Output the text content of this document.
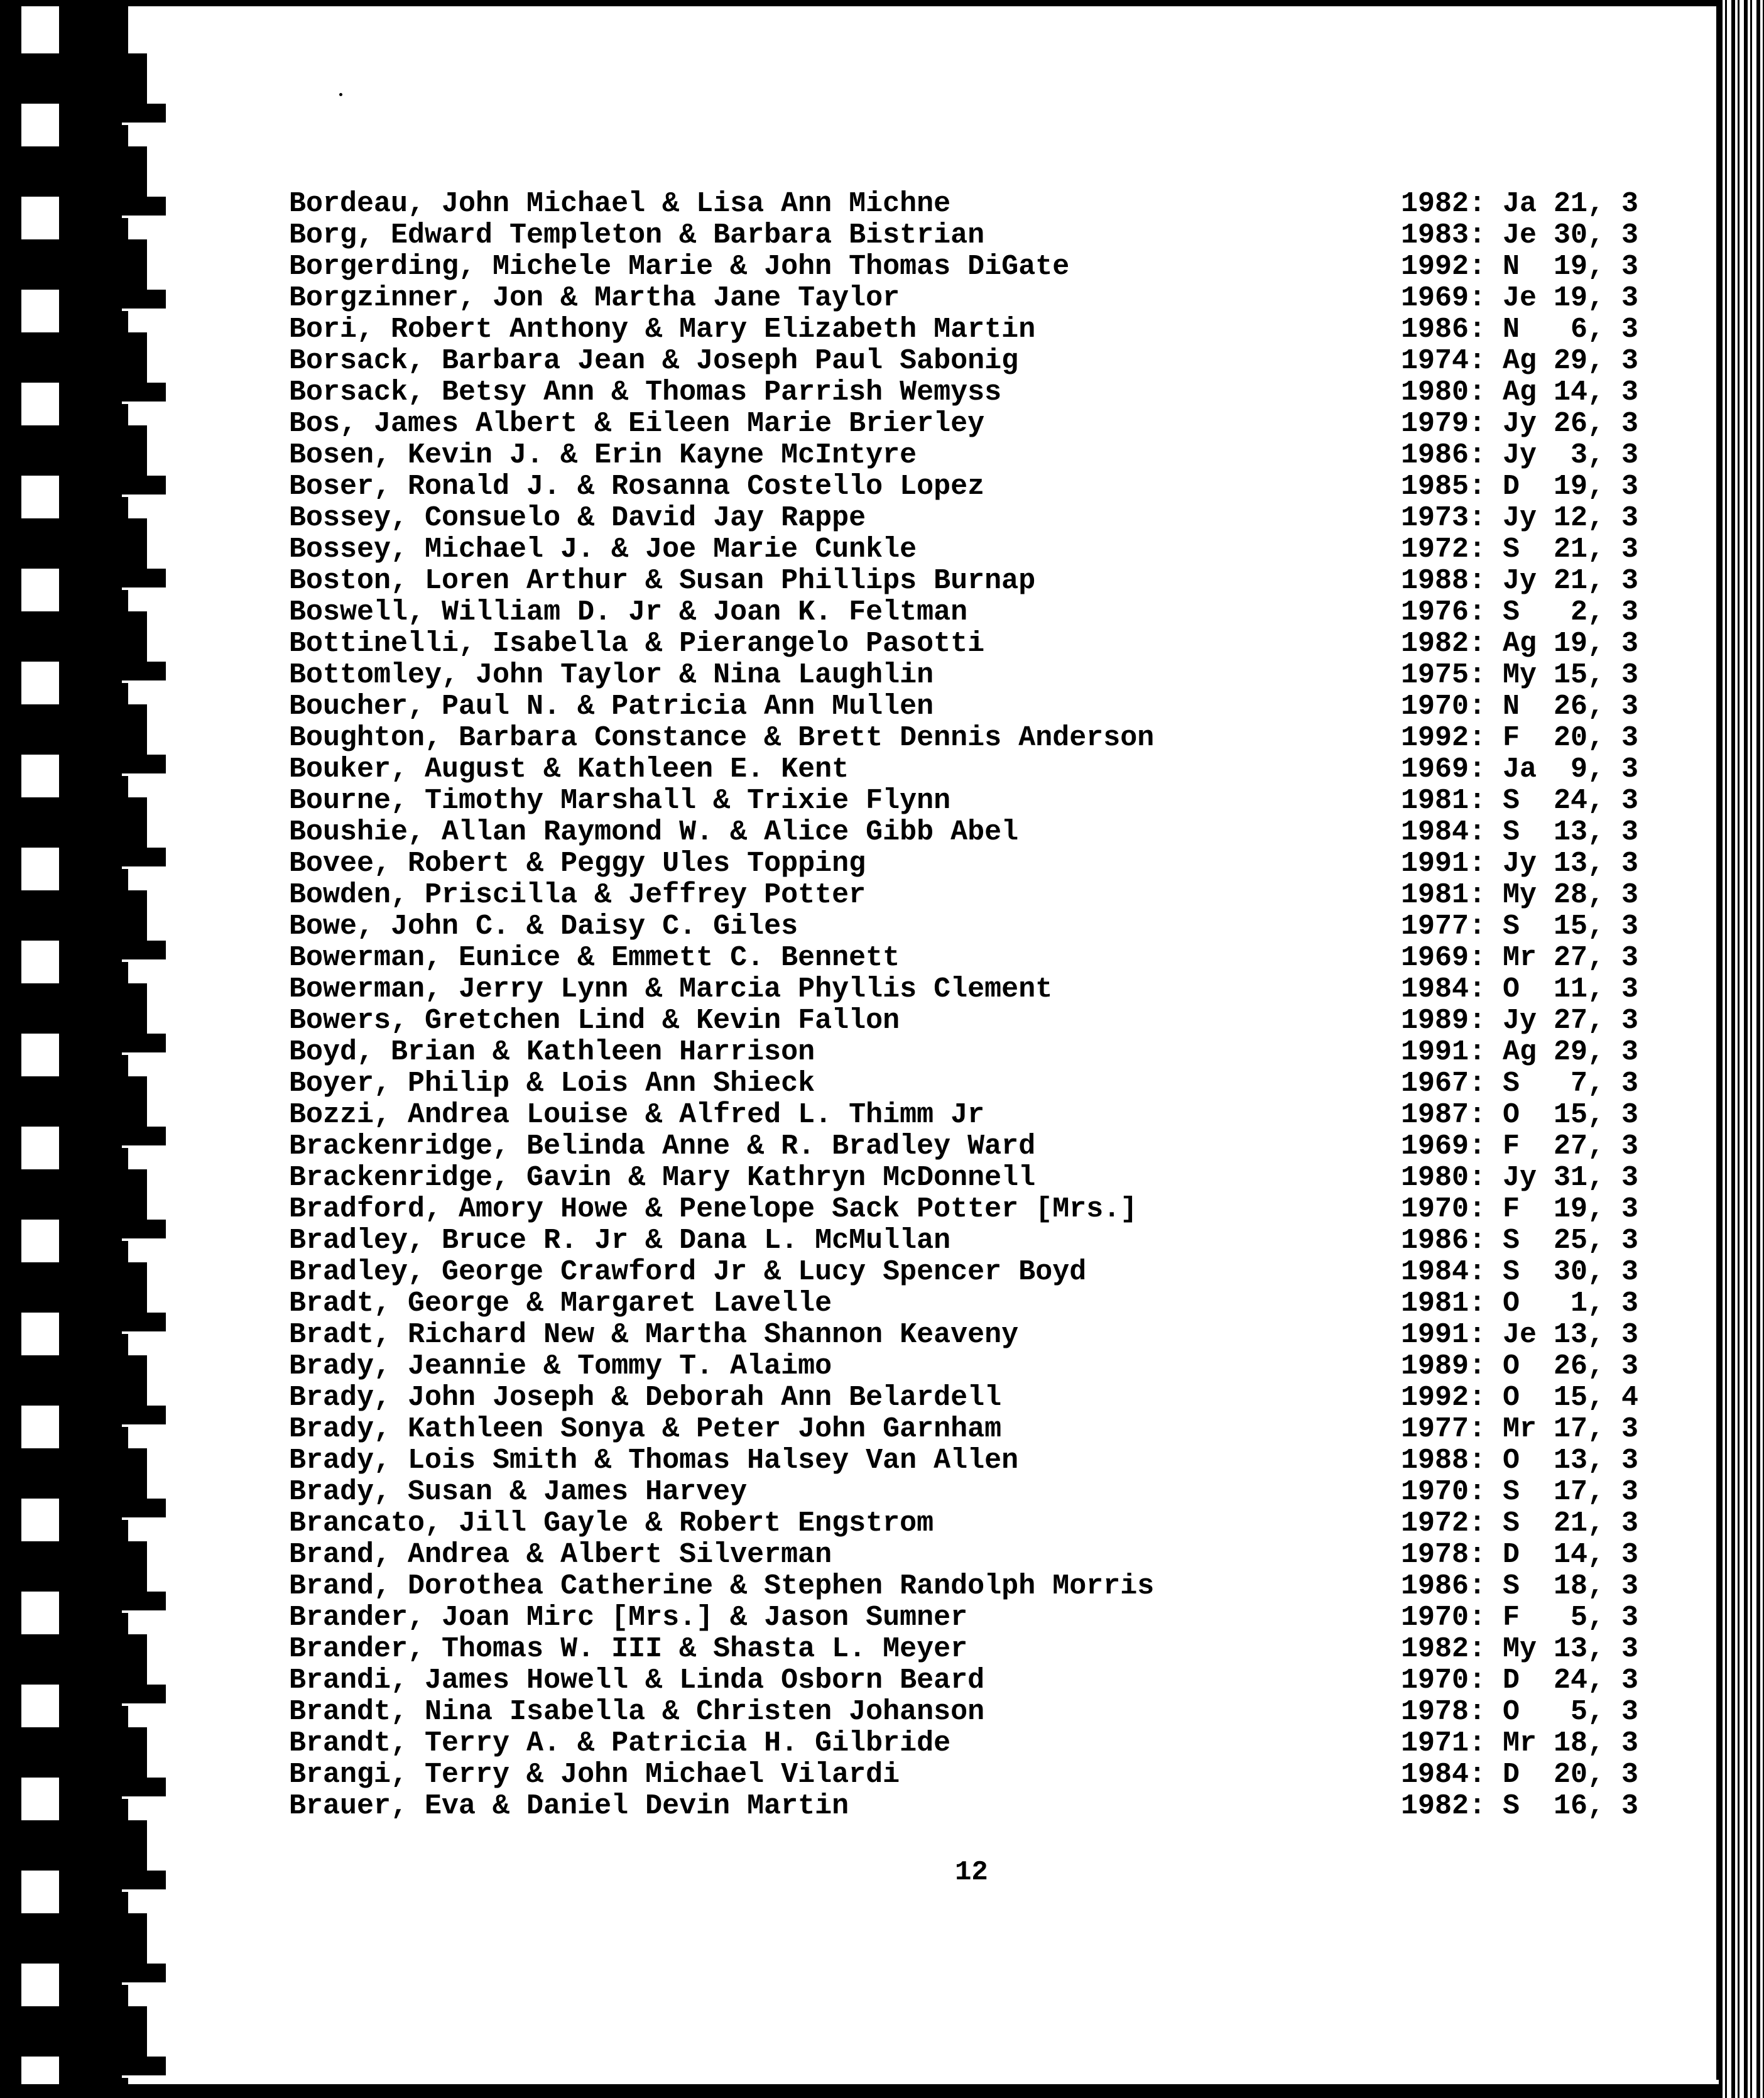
Bordeau, John Michael & Lisa Ann Michne	1982: Ja 21, 3
Borg, Edward Templeton & Barbara Bistrian	1983: Je 30, 3
Borgerding, Michele Marie & John Thomas DiGate	1992: N  19, 3
Borgzinner, Jon & Martha Jane Taylor	1969: Je 19, 3
Bori, Robert Anthony & Mary Elizabeth Martin	1986: N   6, 3
Borsack, Barbara Jean & Joseph Paul Sabonig	1974: Ag 29, 3
Borsack, Betsy Ann & Thomas Parrish Wemyss	1980: Ag 14, 3
Bos, James Albert & Eileen Marie Brierley	1979: Jy 26, 3
Bosen, Kevin J. & Erin Kayne McIntyre	1986: Jy  3, 3
Boser, Ronald J. & Rosanna Costello Lopez	1985: D  19, 3
Bossey, Consuelo & David Jay Rappe	1973: Jy 12, 3
Bossey, Michael J. & Joe Marie Cunkle	1972: S  21, 3
Boston, Loren Arthur & Susan Phillips Burnap	1988: Jy 21, 3
Boswell, William D. Jr & Joan K. Feltman	1976: S   2, 3
Bottinelli, Isabella & Pierangelo Pasotti	1982: Ag 19, 3
Bottomley, John Taylor & Nina Laughlin	1975: My 15, 3
Boucher, Paul N. & Patricia Ann Mullen	1970: N  26, 3
Boughton, Barbara Constance & Brett Dennis Anderson	1992: F  20, 3
Bouker, August & Kathleen E. Kent	1969: Ja  9, 3
Bourne, Timothy Marshall & Trixie Flynn	1981: S  24, 3
Boushie, Allan Raymond W. & Alice Gibb Abel	1984: S  13, 3
Bovee, Robert & Peggy Ules Topping	1991: Jy 13, 3
Bowden, Priscilla & Jeffrey Potter	1981: My 28, 3
Bowe, John C. & Daisy C. Giles	1977: S  15, 3
Bowerman, Eunice & Emmett C. Bennett	1969: Mr 27, 3
Bowerman, Jerry Lynn & Marcia Phyllis Clement	1984: O  11, 3
Bowers, Gretchen Lind & Kevin Fallon	1989: Jy 27, 3
Boyd, Brian & Kathleen Harrison	1991: Ag 29, 3
Boyer, Philip & Lois Ann Shieck	1967: S   7, 3
Bozzi, Andrea Louise & Alfred L. Thimm Jr	1987: O  15, 3
Brackenridge, Belinda Anne & R. Bradley Ward	1969: F  27, 3
Brackenridge, Gavin & Mary Kathryn McDonnell	1980: Jy 31, 3
Bradford, Amory Howe & Penelope Sack Potter [Mrs.]	1970: F  19, 3
Bradley, Bruce R. Jr & Dana L. McMullan	1986: S  25, 3
Bradley, George Crawford Jr & Lucy Spencer Boyd	1984: S  30, 3
Bradt, George & Margaret Lavelle	1981: O   1, 3
Bradt, Richard New & Martha Shannon Keaveny	1991: Je 13, 3
Brady, Jeannie & Tommy T. Alaimo	1989: O  26, 3
Brady, John Joseph & Deborah Ann Belardell	1992: O  15, 4
Brady, Kathleen Sonya & Peter John Garnham	1977: Mr 17, 3
Brady, Lois Smith & Thomas Halsey Van Allen	1988: O  13, 3
Brady, Susan & James Harvey	1970: S  17, 3
Brancato, Jill Gayle & Robert Engstrom	1972: S  21, 3
Brand, Andrea & Albert Silverman	1978: D  14, 3
Brand, Dorothea Catherine & Stephen Randolph Morris	1986: S  18, 3
Brander, Joan Mirc [Mrs.] & Jason Sumner	1970: F   5, 3
Brander, Thomas W. III & Shasta L. Meyer	1982: My 13, 3
Brandi, James Howell & Linda Osborn Beard	1970: D  24, 3
Brandt, Nina Isabella & Christen Johanson	1978: O   5, 3
Brandt, Terry A. & Patricia H. Gilbride	1971: Mr 18, 3
Brangi, Terry & John Michael Vilardi	1984: D  20, 3
Brauer, Eva & Daniel Devin Martin	1982: S  16, 3
12
